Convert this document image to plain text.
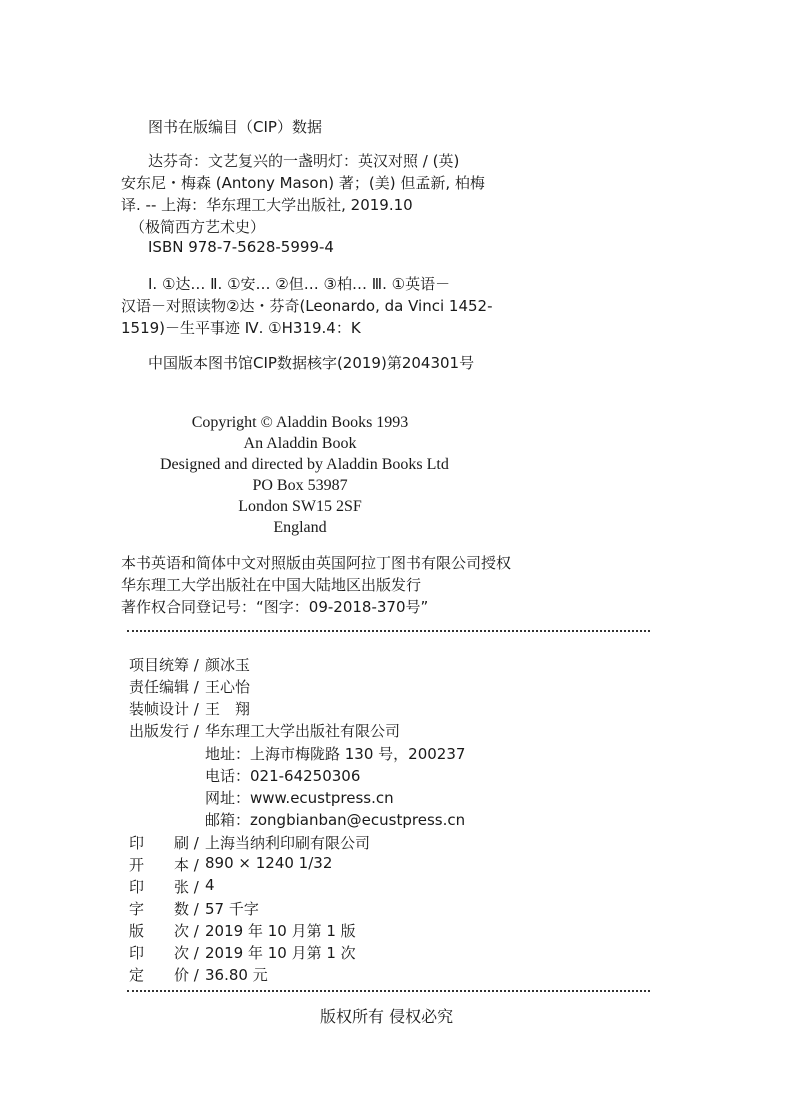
图书在版编目（CIP）数据
达芬奇：文艺复兴的一盏明灯：英汉对照 / (英)
安东尼・梅森 (Antony Mason) 著；(美) 但孟新, 柏梅
译. -- 上海：华东理工大学出版社, 2019.10
（极简西方艺术史）
ISBN 978-7-5628-5999-4
Ⅰ. ①达… Ⅱ. ①安… ②但… ③柏… Ⅲ. ①英语－
汉语－对照读物②达・芬奇(Leonardo, da Vinci 1452-
1519)－生平事迹 Ⅳ. ①H319.4：K
中国版本图书馆CIP数据核字(2019)第204301号
Copyright © Aladdin Books 1993
An Aladdin Book
Designed and directed by Aladdin Books Ltd
PO Box 53987
London SW15 2SF
England
本书英语和简体中文对照版由英国阿拉丁图书有限公司授权
华东理工大学出版社在中国大陆地区出版发行
著作权合同登记号：“图字：09-2018-370号”
项目统筹 / 颜冰玉
责任编辑 / 王心怡
装帧设计 / 王　翔
出版发行 / 华东理工大学出版社有限公司
地址：上海市梅陇路 130 号，200237
电话：021-64250306
网址：www.ecustpress.cn
邮箱：zongbianban@ecustpress.cn
印　　刷 / 上海当纳利印刷有限公司
开　　本 / 890 × 1240 1/32
印　　张 / 4
字　　数 / 57 千字
版　　次 / 2019 年 10 月第 1 版
印　　次 / 2019 年 10 月第 1 次
定　　价 / 36.80 元
版权所有 侵权必究
